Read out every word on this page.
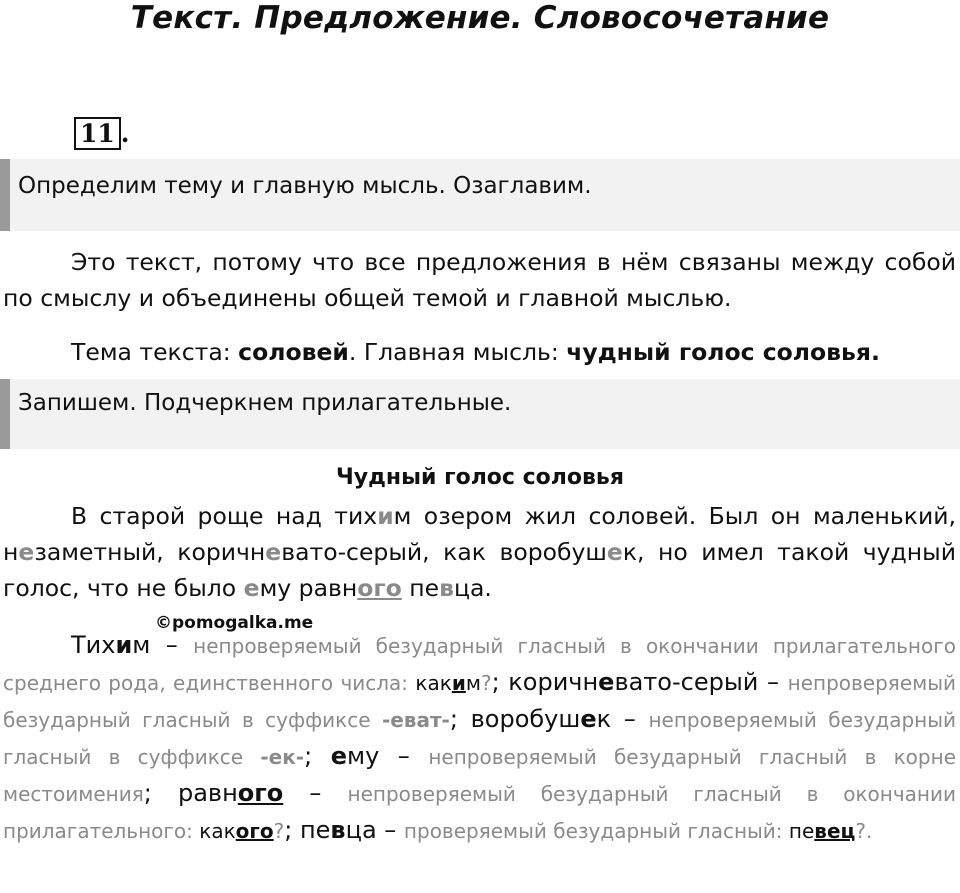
Текст. Предложение. Словосочетание
11 .
Определим тему и главную мысль. Озаглавим.
Это текст, потому что все предложения в нём связаны между собой по смыслу и объединены общей темой и главной мыслью.
Тема текста: соловей. Главная мысль: чудный голос соловья.
Запишем. Подчеркнем прилагательные.
Чудный голос соловья
В старой роще над тихим озером жил соловей. Был он маленький, незаметный, коричневато-серый, как воробушек, но имел такой чудный голос, что не было ему равного певца.
©pomogalka.me
Тихим – непроверяемый безударный гласный в окончании прилагательного среднего рода, единственного числа: каким?; коричневато-серый – непроверяемый безударный гласный в суффиксе -еват-; воробушек – непроверяемый безударный гласный в суффиксе -ек-; ему – непроверяемый безударный гласный в корне местоимения; равного – непроверяемый безударный гласный в окончании прилагательного: какого?; певца – проверяемый безударный гласный: певец?.
